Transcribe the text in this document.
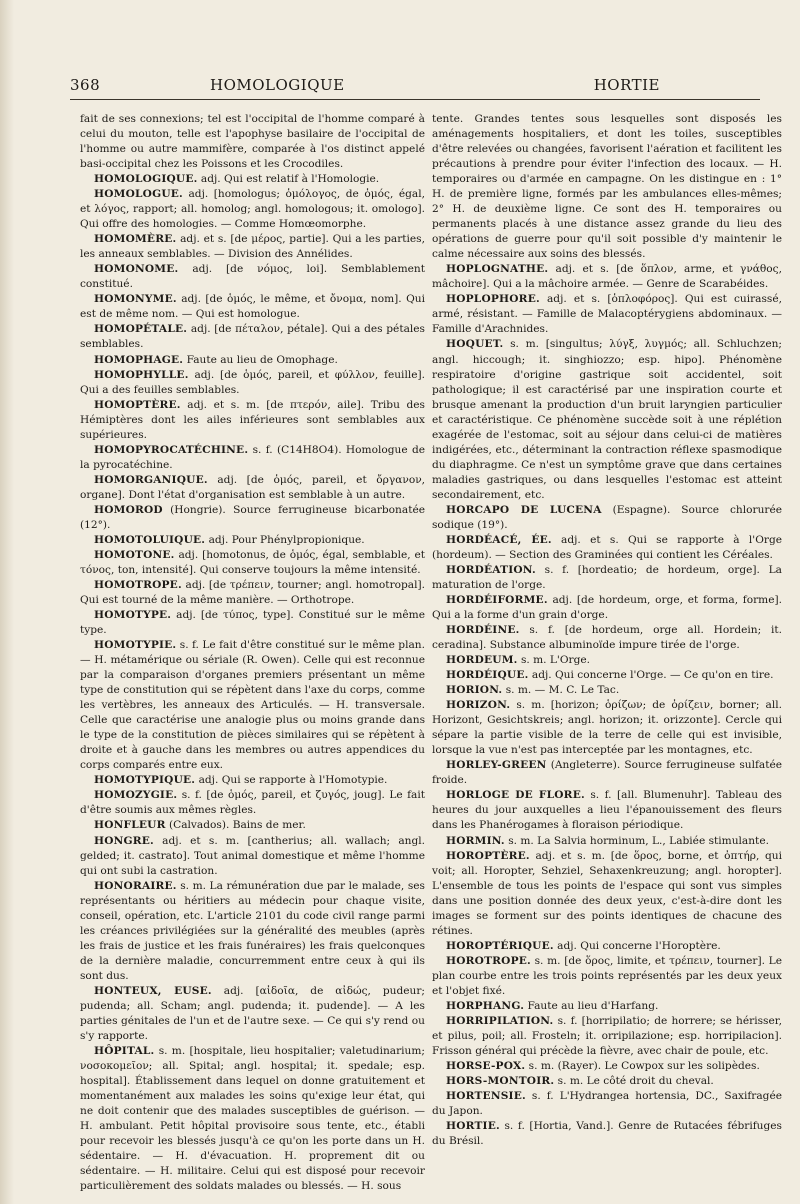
368	HOMOLOGIQUE	HORTIE

fait de ses connexions; tel est l'occipital de l'homme comparé à celui du mouton, telle est l'apophyse basilaire de l'occipital de l'homme ou autre mammifère, comparée à l'os distinct appelé basi-occipital chez les Poissons et les Crocodiles.

HOMOLOGIQUE. adj. Qui est relatif à l'Homologie.

HOMOLOGUE. adj. [homologus; ὁμόλογος, de ὁμός, égal, et λόγος, rapport; all. homolog; angl. homologous; it. omologo]. Qui offre des homologies. — Comme Homœomorphe.

HOMOMÈRE. adj. et s. [de μέρος, partie]. Qui a les parties, les anneaux semblables. — Division des Annélides.

HOMONOME. adj. [de νόμος, loi]. Semblablement constitué.

HOMONYME. adj. [de ὁμός, le même, et ὄνομα, nom]. Qui est de même nom. — Qui est homologue.

HOMOPÉTALE. adj. [de πέταλον, pétale]. Qui a des pétales semblables.

HOMOPHAGE. Faute au lieu de Omophage.

HOMOPHYLLE. adj. [de ὁμός, pareil, et φύλλον, feuille]. Qui a des feuilles semblables.

HOMOPTÈRE. adj. et s. m. [de πτερόν, aile]. Tribu des Hémiptères dont les ailes inférieures sont semblables aux supérieures.

HOMOPYROCATÉCHINE. s. f. (C14H8O4). Homologue de la pyrocatéchine.

HOMORGANIQUE. adj. [de ὁμός, pareil, et ὄργανον, organe]. Dont l'état d'organisation est semblable à un autre.

HOMOROD (Hongrie). Source ferrugineuse bicarbonatée (12°).

HOMOTOLUIQUE. adj. Pour Phénylpropionique.

HOMOTONE. adj. [homotonus, de ὁμός, égal, semblable, et τόνος, ton, intensité]. Qui conserve toujours la même intensité.

HOMOTROPE. adj. [de τρέπειν, tourner; angl. homotropal]. Qui est tourné de la même manière. — Orthotrope.

HOMOTYPE. adj. [de τύπος, type]. Constitué sur le même type.

HOMOTYPIE. s. f. Le fait d'être constitué sur le même plan. — H. métamérique ou sériale (R. Owen). Celle qui est reconnue par la comparaison d'organes premiers présentant un même type de constitution qui se répètent dans l'axe du corps, comme les vertèbres, les anneaux des Articulés. — H. transversale. Celle que caractérise une analogie plus ou moins grande dans le type de la constitution de pièces similaires qui se répètent à droite et à gauche dans les membres ou autres appendices du corps comparés entre eux.

HOMOTYPIQUE. adj. Qui se rapporte à l'Homotypie.

HOMOZYGIE. s. f. [de ὁμός, pareil, et ζυγός, joug]. Le fait d'être soumis aux mêmes règles.

HONFLEUR (Calvados). Bains de mer.

HONGRE. adj. et s. m. [cantherius; all. wallach; angl. gelded; it. castrato]. Tout animal domestique et même l'homme qui ont subi la castration.

HONORAIRE. s. m. La rémunération due par le malade, ses représentants ou héritiers au médecin pour chaque visite, conseil, opération, etc. L'article 2101 du code civil range parmi les créances privilégiées sur la généralité des meubles (après les frais de justice et les frais funéraires) les frais quelconques de la dernière maladie, concurremment entre ceux à qui ils sont dus.

HONTEUX, EUSE. adj. [αἰδοῖα, de αἰδώς, pudeur; pudenda; all. Scham; angl. pudenda; it. pudende]. — A les parties génitales de l'un et de l'autre sexe. — Ce qui s'y rend ou s'y rapporte.

HÔPITAL. s. m. [hospitale, lieu hospitalier; valetudinarium; νοσοκομεῖον; all. Spital; angl. hospital; it. spedale; esp. hospital]. Établissement dans lequel on donne gratuitement et momentanément aux malades les soins qu'exige leur état, qui ne doit contenir que des malades susceptibles de guérison. — H. ambulant. Petit hôpital provisoire sous tente, etc., établi pour recevoir les blessés jusqu'à ce qu'on les porte dans un H. sédentaire. — H. d'évacuation. H. proprement dit ou sédentaire. — H. militaire. Celui qui est disposé pour recevoir particulièrement des soldats malades ou blessés. — H. sous

tente. Grandes tentes sous lesquelles sont disposés les aménagements hospitaliers, et dont les toiles, susceptibles d'être relevées ou changées, favorisent l'aération et facilitent les précautions à prendre pour éviter l'infection des locaux. — H. temporaires ou d'armée en campagne. On les distingue en : 1° H. de première ligne, formés par les ambulances elles-mêmes; 2° H. de deuxième ligne. Ce sont des H. temporaires ou permanents placés à une distance assez grande du lieu des opérations de guerre pour qu'il soit possible d'y maintenir le calme nécessaire aux soins des blessés.

HOPLOGNATHE. adj. et s. [de ὅπλον, arme, et γνάθος, mâchoire]. Qui a la mâchoire armée. — Genre de Scarabéides.

HOPLOPHORE. adj. et s. [ὁπλοφόρος]. Qui est cuirassé, armé, résistant. — Famille de Malacoptérygiens abdominaux. — Famille d'Arachnides.

HOQUET. s. m. [singultus; λύγξ, λυγμός; all. Schluchzen; angl. hiccough; it. singhiozzo; esp. hipo]. Phénomène respiratoire d'origine gastrique soit accidentel, soit pathologique; il est caractérisé par une inspiration courte et brusque amenant la production d'un bruit laryngien particulier et caractéristique. Ce phénomène succède soit à une réplétion exagérée de l'estomac, soit au séjour dans celui-ci de matières indigérées, etc., déterminant la contraction réflexe spasmodique du diaphragme. Ce n'est un symptôme grave que dans certaines maladies gastriques, ou dans lesquelles l'estomac est atteint secondairement, etc.

HORCAPO DE LUCENA (Espagne). Source chlorurée sodique (19°).

HORDÉACÉ, ÉE. adj. et s. Qui se rapporte à l'Orge (hordeum). — Section des Graminées qui contient les Céréales.

HORDÉATION. s. f. [hordeatio; de hordeum, orge]. La maturation de l'orge.

HORDÉIFORME. adj. [de hordeum, orge, et forma, forme]. Qui a la forme d'un grain d'orge.

HORDÉINE. s. f. [de hordeum, orge all. Hordein; it. ceradina]. Substance albuminoïde impure tirée de l'orge.

HORDEUM. s. m. L'Orge.

HORDÉIQUE. adj. Qui concerne l'Orge. — Ce qu'on en tire.

HORION. s. m. — M. C. Le Tac.

HORIZON. s. m. [horizon; ὁρίζων; de ὁρίζειν, borner; all. Horizont, Gesichtskreis; angl. horizon; it. orizzonte]. Cercle qui sépare la partie visible de la terre de celle qui est invisible, lorsque la vue n'est pas interceptée par les montagnes, etc.

HORLEY-GREEN (Angleterre). Source ferrugineuse sulfatée froide.

HORLOGE DE FLORE. s. f. [all. Blumenuhr]. Tableau des heures du jour auxquelles a lieu l'épanouissement des fleurs dans les Phanérogames à floraison périodique.

HORMIN. s. m. La Salvia horminum, L., Labiée stimulante.

HOROPTÈRE. adj. et s. m. [de ὅρος, borne, et ὀπτήρ, qui voit; all. Horopter, Sehziel, Sehaxenkreuzung; angl. horopter]. L'ensemble de tous les points de l'espace qui sont vus simples dans une position donnée des deux yeux, c'est-à-dire dont les images se forment sur des points identiques de chacune des rétines.

HOROPTÉRIQUE. adj. Qui concerne l'Horoptère.

HOROTROPE. s. m. [de ὅρος, limite, et τρέπειν, tourner]. Le plan courbe entre les trois points représentés par les deux yeux et l'objet fixé.

HORPHANG. Faute au lieu d'Harfang.

HORRIPILATION. s. f. [horripilatio; de horrere; se hérisser, et pilus, poil; all. Frosteln; it. orripilazione; esp. horripilacion]. Frisson général qui précède la fièvre, avec chair de poule, etc.

HORSE-POX. s. m. (Rayer). Le Cowpox sur les solipèdes.

HORS-MONTOIR. s. m. Le côté droit du cheval.

HORTENSIE. s. f. L'Hydrangea hortensia, DC., Saxifragée du Japon.

HORTIE. s. f. [Hortia, Vand.]. Genre de Rutacées fébrifuges du Brésil.
